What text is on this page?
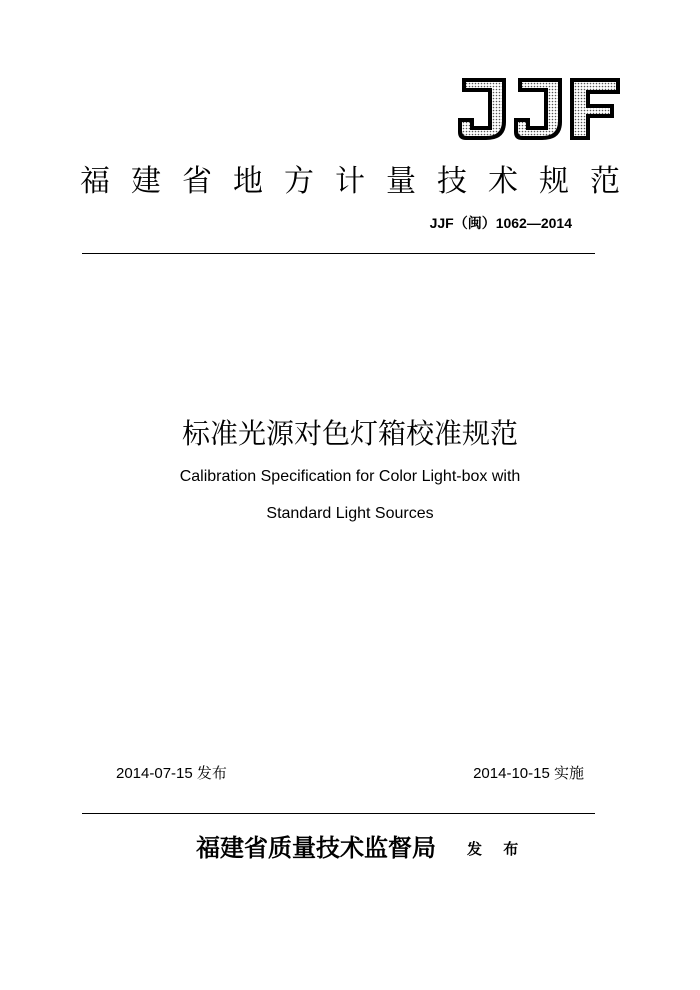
福 建 省 地 方 计 量 技 术 规 范
JJF（闽）1062—2014
标准光源对色灯箱校准规范
Calibration Specification for Color Light-box with
Standard Light Sources
2014-07-15 发布	2014-10-15 实施
福建省质量技术监督局 发 布
